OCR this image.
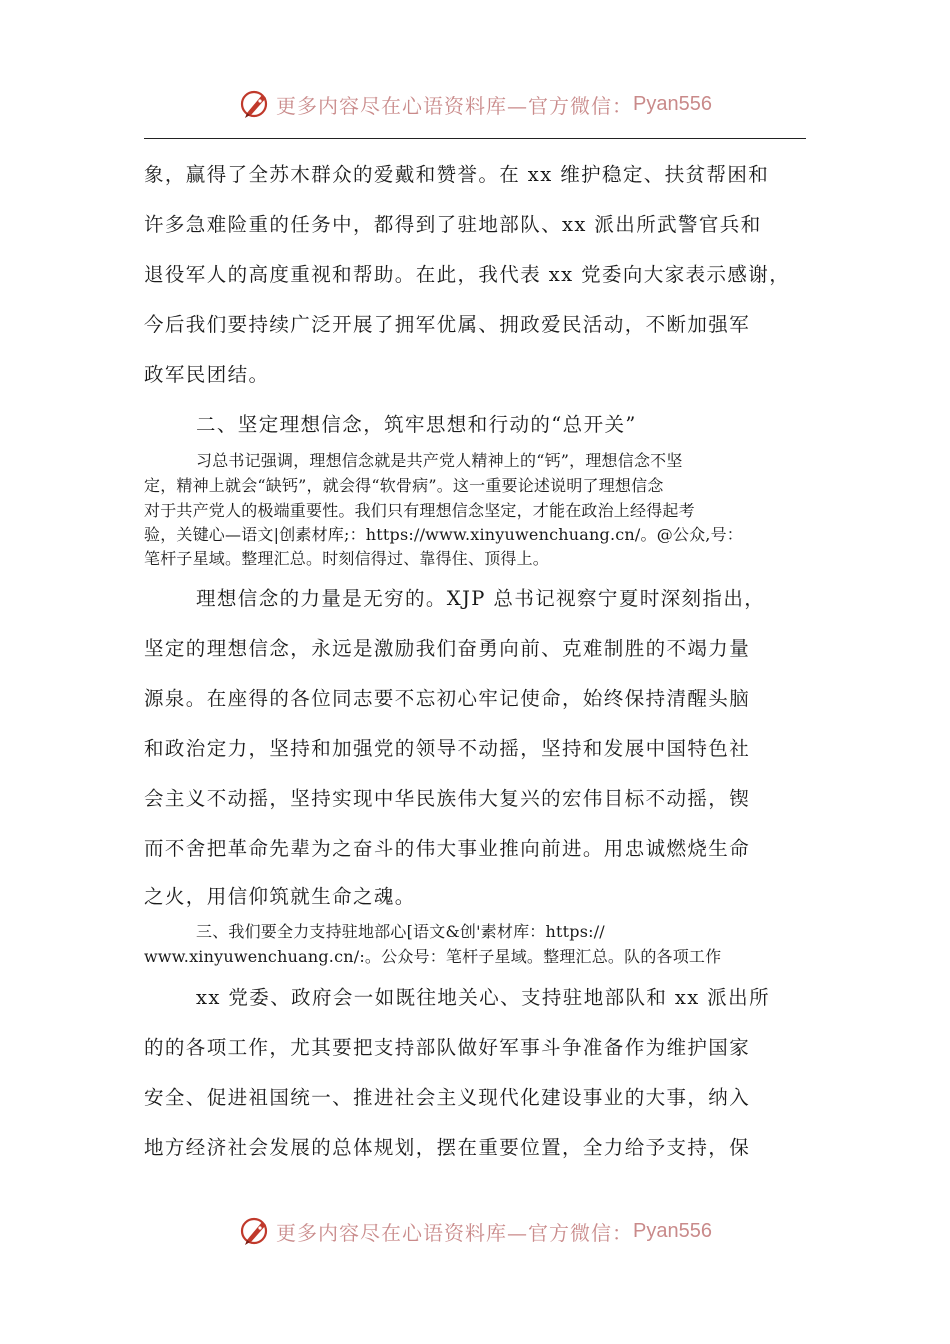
更多内容尽在心语资料库—官方微信： Pyan556

象，赢得了全苏木群众的爱戴和赞誉。在 xx 维护稳定、扶贫帮困和

许多急难险重的任务中，都得到了驻地部队、xx 派出所武警官兵和

退役军人的高度重视和帮助。在此，我代表 xx 党委向大家表示感谢，

今后我们要持续广泛开展了拥军优属、拥政爱民活动，不断加强军

政军民团结。

二、坚定理想信念，筑牢思想和行动的“总开关”

习总书记强调，理想信念就是共产党人精神上的“钙”，理想信念不坚

定，精神上就会“缺钙”，就会得“软骨病”。这一重要论述说明了理想信念

对于共产党人的极端重要性。我们只有理想信念坚定，才能在政治上经得起考

验，关键心—语文|创素材库;：https://www.xinyuwenchuang.cn/。@公众,号：

笔杆子星域。整理汇总。时刻信得过、靠得住、顶得上。

理想信念的力量是无穷的。XJP 总书记视察宁夏时深刻指出，

坚定的理想信念，永远是激励我们奋勇向前、克难制胜的不竭力量

源泉。在座得的各位同志要不忘初心牢记使命，始终保持清醒头脑

和政治定力，坚持和加强党的领导不动摇，坚持和发展中国特色社

会主义不动摇，坚持实现中华民族伟大复兴的宏伟目标不动摇，锲

而不舍把革命先辈为之奋斗的伟大事业推向前进。用忠诚燃烧生命

之火，用信仰筑就生命之魂。

三、我们要全力支持驻地部心[语文&创'素材库：https://

www.xinyuwenchuang.cn/:。公众号：笔杆子星域。整理汇总。队的各项工作

xx 党委、政府会一如既往地关心、支持驻地部队和 xx 派出所

的的各项工作，尤其要把支持部队做好军事斗争准备作为维护国家

安全、促进祖国统一、推进社会主义现代化建设事业的大事，纳入

地方经济社会发展的总体规划，摆在重要位置，全力给予支持，保

更多内容尽在心语资料库—官方微信： Pyan556
